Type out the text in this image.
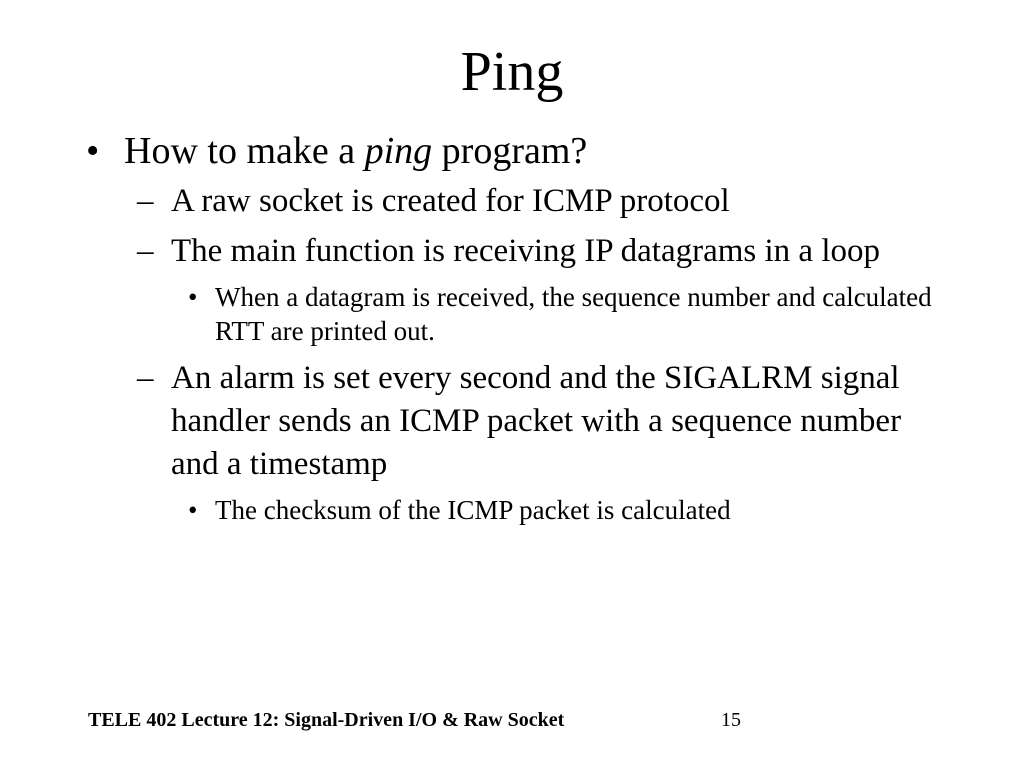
Ping
• How to make a ping program?
– A raw socket is created for ICMP protocol
– The main function is receiving IP datagrams in a loop
• When a datagram is received, the sequence number and calculated RTT are printed out.
– An alarm is set every second and the SIGALRM signal handler sends an ICMP packet with a sequence number and a timestamp
• The checksum of the ICMP packet is calculated
TELE 402 Lecture 12: Signal-Driven I/O & Raw Socket	15
